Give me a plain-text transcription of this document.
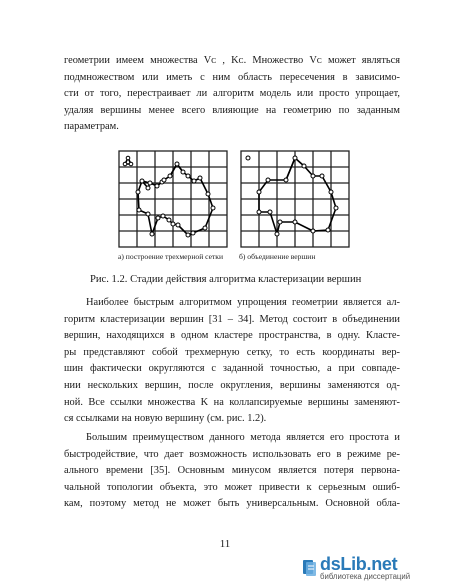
геометрии имеем множества Vᴄ , Kᴄ. Множество Vᴄ может являться
подмножеством или иметь с ним область пересечения в зависимо-
сти от того, перестраивает ли алгоритм модель или просто упрощает,
удаляя вершины менее всего влияющие на геометрию по заданным
параметрам.

а) построение трехмерной сетки	б) объединение вершин
Рис. 1.2. Стадии действия алгоритма кластеризации вершин

Наиболее быстрым алгоритмом упрощения геометрии является ал-
горитм кластеризации вершин [31 – 34]. Метод состоит в объединении
вершин, находящихся в одном кластере пространства, в одну. Класте-
ры представляют собой трехмерную сетку, то есть координаты вер-
шин фактически округляются с заданной точностью, а при совпаде-
нии нескольких вершин, после округления, вершины заменяются од-
ной. Все ссылки множества K на коллапсируемые вершины заменяют-
ся ссылками на новую вершину (см. рис. 1.2).

Большим преимуществом данного метода является его простота и
быстродействие, что дает возможность использовать его в режиме ре-
ального времени [35]. Основным минусом является потеря первона-
чальной топологии объекта, это может привести к серьезным ошиб-
кам, поэтому метод не может быть универсальным. Основной обла-

11
dsLib.net
библиотека диссертаций
